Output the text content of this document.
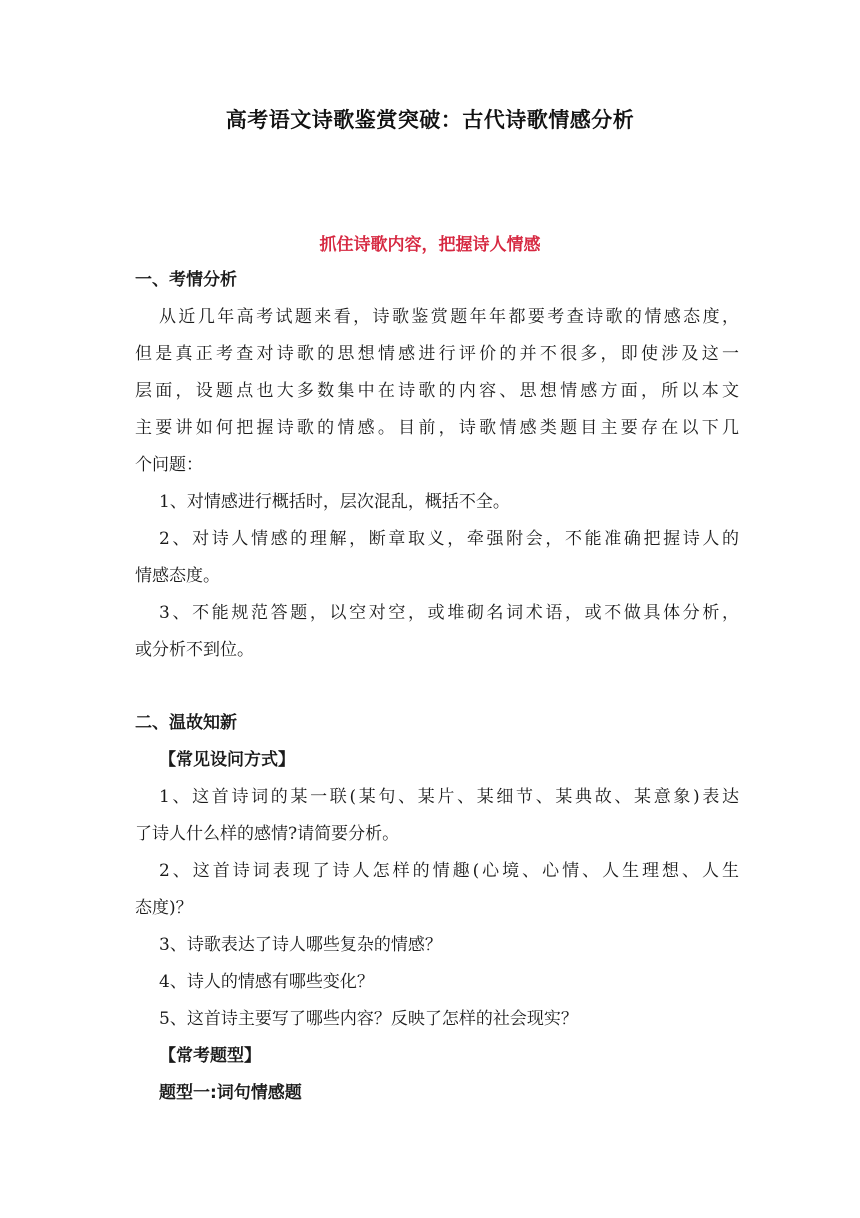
高考语文诗歌鉴赏突破：古代诗歌情感分析
抓住诗歌内容，把握诗人情感
一、考情分析
从近几年高考试题来看，诗歌鉴赏题年年都要考查诗歌的情感态度，
但是真正考查对诗歌的思想情感进行评价的并不很多，即使涉及这一
层面，设题点也大多数集中在诗歌的内容、思想情感方面，所以本文
主要讲如何把握诗歌的情感。目前，诗歌情感类题目主要存在以下几
个问题：
1、对情感进行概括时，层次混乱，概括不全。
2、对诗人情感的理解，断章取义，牵强附会，不能准确把握诗人的
情感态度。
3、不能规范答题，以空对空，或堆砌名词术语，或不做具体分析，
或分析不到位。
二、温故知新
【常见设问方式】
1、这首诗词的某一联(某句、某片、某细节、某典故、某意象)表达
了诗人什么样的感情?请简要分析。
2、这首诗词表现了诗人怎样的情趣(心境、心情、人生理想、人生
态度)？
3、诗歌表达了诗人哪些复杂的情感？
4、诗人的情感有哪些变化？
5、这首诗主要写了哪些内容？反映了怎样的社会现实？
【常考题型】
题型一:词句情感题
